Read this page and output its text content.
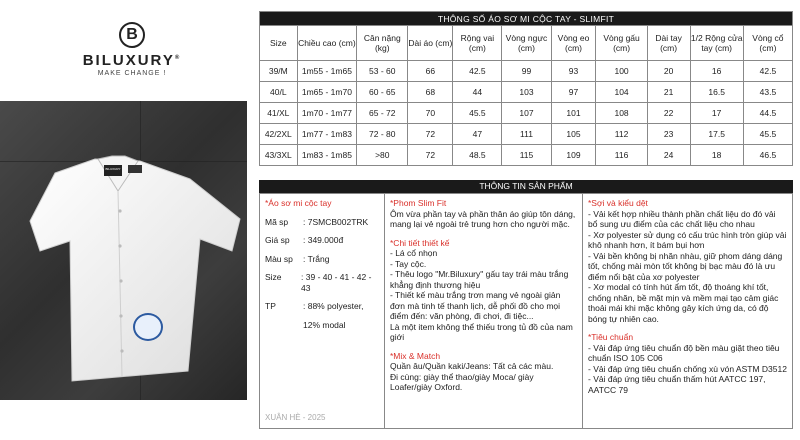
B
BILUXURY®
MAKE CHANGE !
BILUXURY
THÔNG SỐ ÁO SƠ MI CỘC TAY - SLIMFIT										
Size	Chiều cao (cm)	Cân nặng (kg)	Dài áo (cm)	Rộng vai (cm)	Vòng ngực (cm)	Vòng eo (cm)	Vòng gấu (cm)	Dài tay (cm)	1/2 Rộng cửa tay (cm)	Vòng cổ (cm)
39/M	1m55 - 1m65	53 - 60	66	42.5	99	93	100	20	16	42.5
40/L	1m65 - 1m70	60 - 65	68	44	103	97	104	21	16.5	43.5
41/XL	1m70 - 1m77	65 - 72	70	45.5	107	101	108	22	17	44.5
42/2XL	1m77 - 1m83	72 - 80	72	47	111	105	112	23	17.5	45.5
43/3XL	1m83 - 1m85	>80	72	48.5	115	109	116	24	18	46.5
THÔNG TIN SẢN PHẨM
*Áo sơ mi cộc tay
Mã sp	: 7SMCB002TRK
Giá sp	: 349.000đ
Màu sp	: Trắng
Size	: 39 - 40 - 41 - 42 - 43
TP	: 88% polyester,
12% modal
XUÂN HÈ - 2025
*Phom Slim Fit
Ôm vừa phần tay và phần thân áo giúp tôn dáng, mang lại vẻ ngoài trẻ trung hơn cho người mặc.
*Chi tiết thiết kế
- Lá cổ nhọn
- Tay cộc.
- Thêu logo "Mr.Biluxury" gấu tay trái màu trắng khẳng định thương hiệu
- Thiết kế màu trắng trơn mang vẻ ngoài giản đơn mà tinh tế thanh lịch, dễ phối đồ cho mọi điểm đến: văn phòng, đi chơi, đi tiệc...
Là một item không thể thiếu trong tủ đồ của nam giới
*Mix & Match
Quần âu/Quần kaki/Jeans: Tất cả các màu.
Đi cùng: giày thể thao/giày Moca/ giày Loafer/giày Oxford.
*Sợi và kiểu dệt
- Vải kết hợp nhiều thành phần chất liệu do đó vải bổ sung ưu điểm của các chất liệu cho nhau
- Xơ polyester sử dụng có cấu trúc hình tròn giúp vải khô nhanh hơn, ít bám bụi hơn
- Vải bền không bị nhăn nhàu, giữ phom dáng dáng tốt, chống mài mòn tốt không bị bạc màu đó là ưu điểm nổi bật của xơ polyester
- Xơ modal có tính hút ẩm tốt, độ thoáng khí tốt, chống nhăn, bề mặt mịn và mềm mại tạo cảm giác thoải mái khi mặc không gây kích ứng da, có độ bóng tự nhiên cao.
*Tiêu chuẩn
- Vải đáp ứng tiêu chuẩn độ bền màu giặt theo tiêu chuẩn ISO 105 C06
- Vải đáp ứng tiêu chuẩn chống xù vón ASTM D3512
- Vải đáp ứng tiêu chuẩn thấm hút AATCC 197, AATCC 79
